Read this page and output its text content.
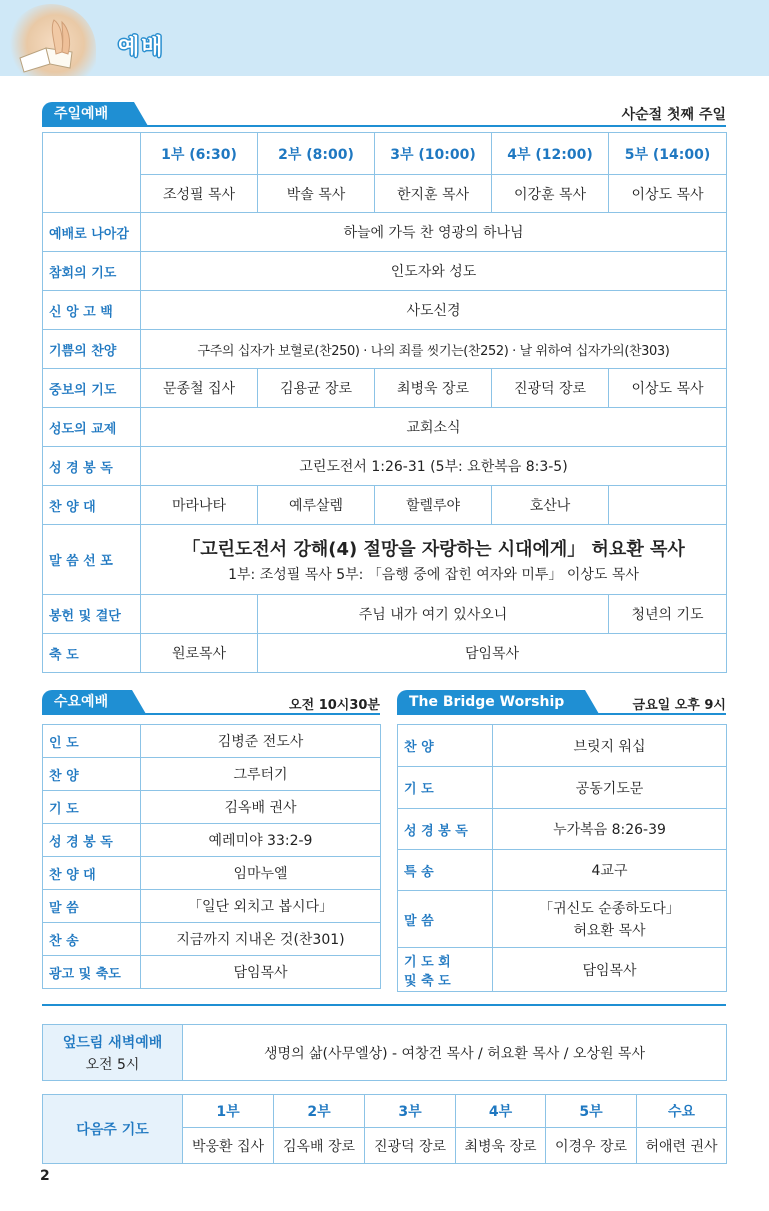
예배
주일예배	사순절 첫째 주일
	1부 (6:30)	2부 (8:00)	3부 (10:00)	4부 (12:00)	5부 (14:00)
	조성필 목사	박솔 목사	한지훈 목사	이강훈 목사	이상도 목사
예배로 나아감	하늘에 가득 찬 영광의 하나님				
참회의 기도	인도자와 성도				
신 앙 고 백	사도신경				
기쁨의 찬양	구주의 십자가 보혈로(찬250) · 나의 죄를 씻기는(찬252) · 날 위하여 십자가의(찬303)				
중보의 기도	문종철 집사	김용균 장로	최병욱 장로	진광덕 장로	이상도 목사
성도의 교제	교회소식				
성 경 봉 독	고린도전서 1:26-31 (5부: 요한복음 8:3-5)				
찬 양 대	마라나타	예루살렘	할렐루야	호산나	
말 씀 선 포	「고린도전서 강해(4) 절망을 자랑하는 시대에게」 허요환 목사
1부: 조성필 목사 5부: 「음행 중에 잡힌 여자와 미투」 이상도 목사				

봉헌 및 결단		주님 내가 여기 있사오니			청년의 기도
축 도	원로목사	담임목사			
수요예배	오전 10시30분
인 도	김병준 전도사
찬 양	그루터기
기 도	김옥배 권사
성 경 봉 독	예레미야 33:2-9
찬 양 대	임마누엘
말 씀	「일단 외치고 봅시다」
찬 송	지금까지 지내온 것(찬301)
광고 및 축도	담임목사
The Bridge Worship	금요일 오후 9시
찬 양	브릿지 워십
기 도	공동기도문
성 경 봉 독	누가복음 8:26-39
특 송	4교구
말 씀	「귀신도 순종하도다」
허요환 목사

기 도 회
및 축 도	담임목사
엎드림 새벽예배
오전 5시
	생명의 삶(사무엘상) - 여창건 목사 / 허요환 목사 / 오상원 목사
다음주 기도	1부	2부	3부	4부	5부	수요
	박웅환 집사	김옥배 장로	진광덕 장로	최병욱 장로	이경우 장로	허애련 권사
2
